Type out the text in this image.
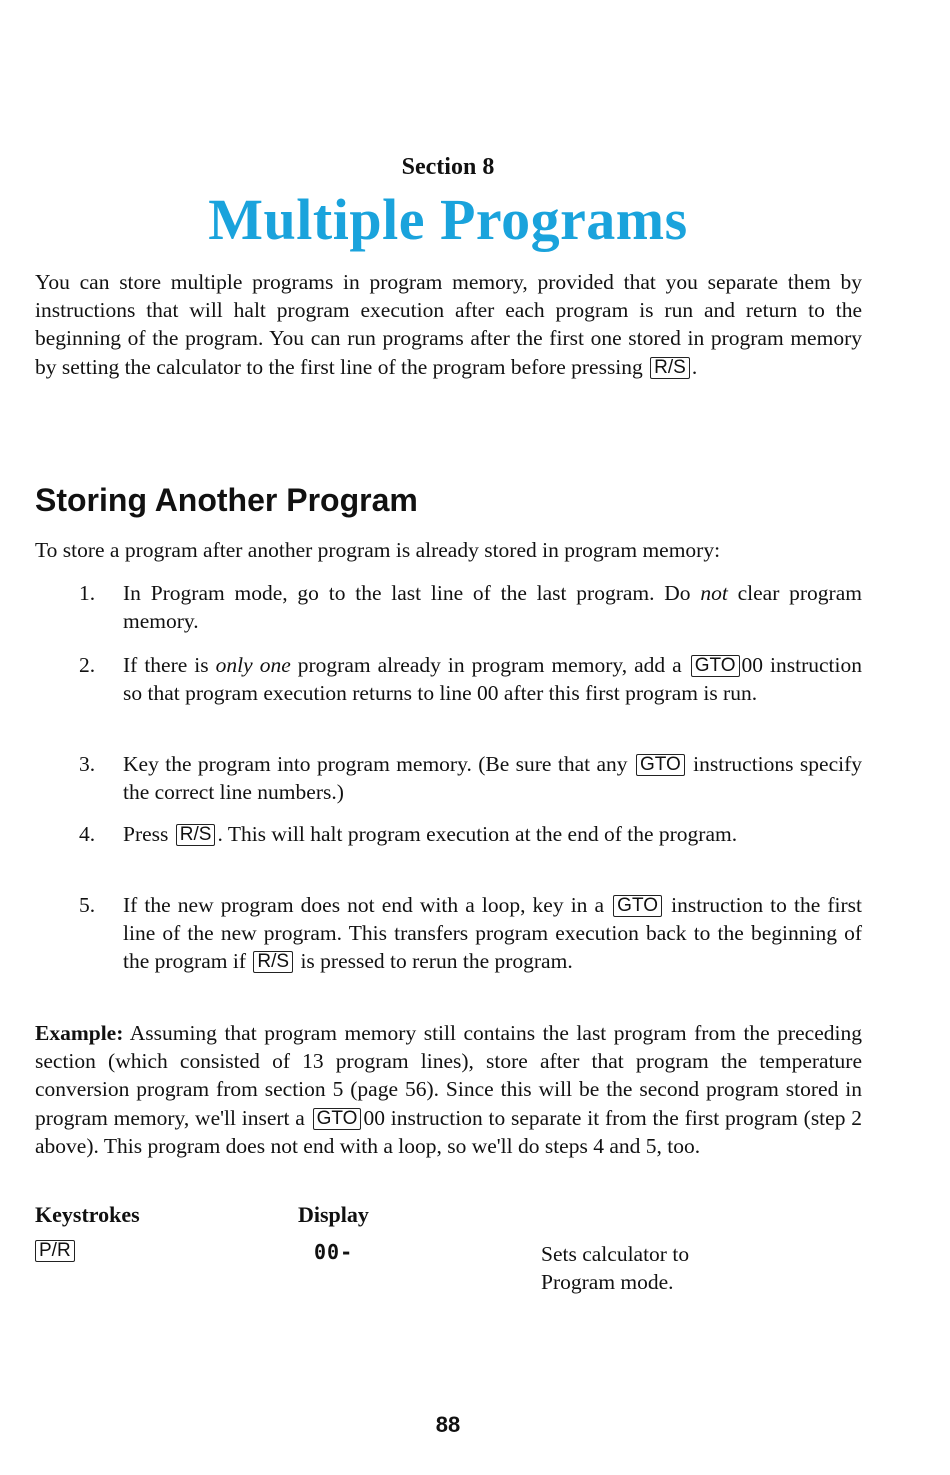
Section 8
Multiple Programs
You can store multiple programs in program memory, provided that you separate them by instructions that will halt program execution after each program is run and return to the beginning of the program. You can run programs after the first one stored in program memory by setting the calculator to the first line of the program before pressing R/S .
Storing Another Program
To store a program after another program is already stored in program memory:
1. In Program mode, go to the last line of the last program. Do not clear program memory.
2. If there is only one program already in program memory, add a GTO 00 instruction so that program execution returns to line 00 after this first program is run.
3. Key the program into program memory. (Be sure that any GTO instructions specify the correct line numbers.)
4. Press R/S . This will halt program execution at the end of the program.
5. If the new program does not end with a loop, key in a GTO instruction to the first line of the new program. This transfers program execution back to the beginning of the program if R/S is pressed to rerun the program.
Example: Assuming that program memory still contains the last program from the preceding section (which consisted of 13 program lines), store after that program the temperature conversion program from section 5 (page 56). Since this will be the second program stored in program memory, we'll insert a GTO 00 instruction to separate it from the first program (step 2 above). This program does not end with a loop, so we'll do steps 4 and 5, too.
Keystrokes	Display
P/R	00-	Sets calculator to
Program mode.
88
